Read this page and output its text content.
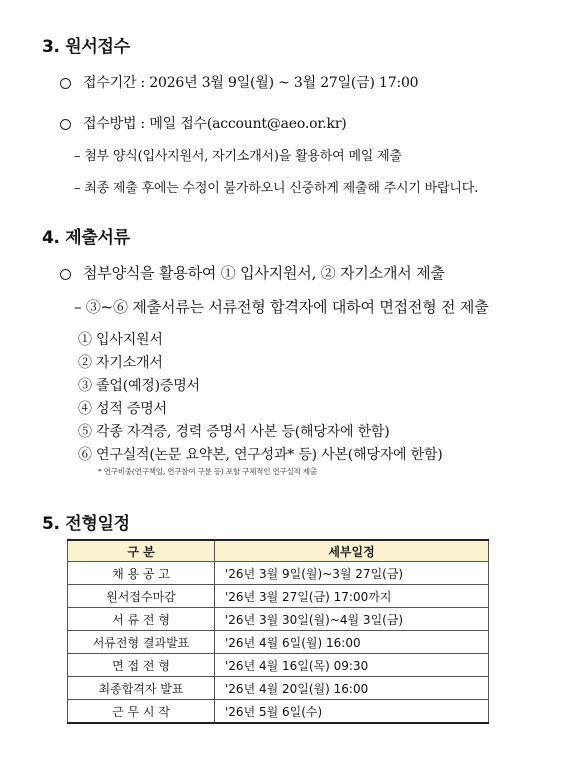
3. 원서접수
접수기간 : 2026년 3월 9일(월) ~ 3월 27일(금) 17:00
접수방법 : 메일 접수(account@aeo.or.kr)
– 첨부 양식(입사지원서, 자기소개서)을 활용하여 메일 제출
– 최종 제출 후에는 수정이 불가하오니 신중하게 제출해 주시기 바랍니다.
4. 제출서류
첨부양식을 활용하여 ① 입사지원서, ② 자기소개서 제출
– ③~⑥ 제출서류는 서류전형 합격자에 대하여 면접전형 전 제출
① 입사지원서
② 자기소개서
③ 졸업(예정)증명서
④ 성적 증명서
⑤ 각종 자격증, 경력 증명서 사본 등(해당자에 한함)
⑥ 연구실적(논문 요약본, 연구성과* 등) 사본(해당자에 한함)
* 연구비중(연구책임, 연구참여 구분 등) 포함 구체적인 연구실적 제출
5. 전형일정
구 분	세부일정
채 용 공 고	'26년 3월 9일(월)~3월 27일(금)
원서접수마감	'26년 3월 27일(금) 17:00까지
서 류 전 형	'26년 3월 30일(월)~4월 3일(금)
서류전형 결과발표	'26년 4월 6일(월) 16:00
면 접 전 형	'26년 4월 16일(목) 09:30
최종합격자 발표	'26년 4월 20일(월) 16:00
근 무 시 작	'26년 5월 6일(수)
